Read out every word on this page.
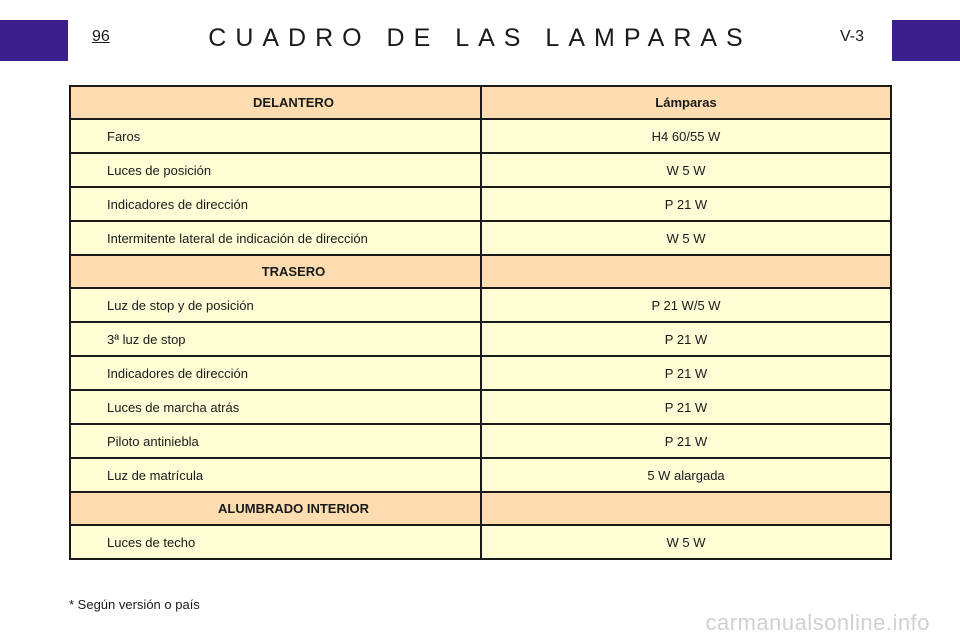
96	CUADRO DE LAS LAMPARAS	V-3
DELANTERO	Lámparas
Faros	H4 60/55 W
Luces de posición	W 5 W
Indicadores de dirección	P 21 W
Intermitente lateral de indicación de dirección	W 5 W
TRASERO	
Luz de stop y de posición	P 21 W/5 W
3ª luz de stop	P 21 W
Indicadores de dirección	P 21 W
Luces de marcha atrás	P 21 W
Piloto antiniebla	P 21 W
Luz de matrícula	5 W alargada
ALUMBRADO INTERIOR	
Luces de techo	W 5 W
* Según versión o país
carmanualsonline.info
